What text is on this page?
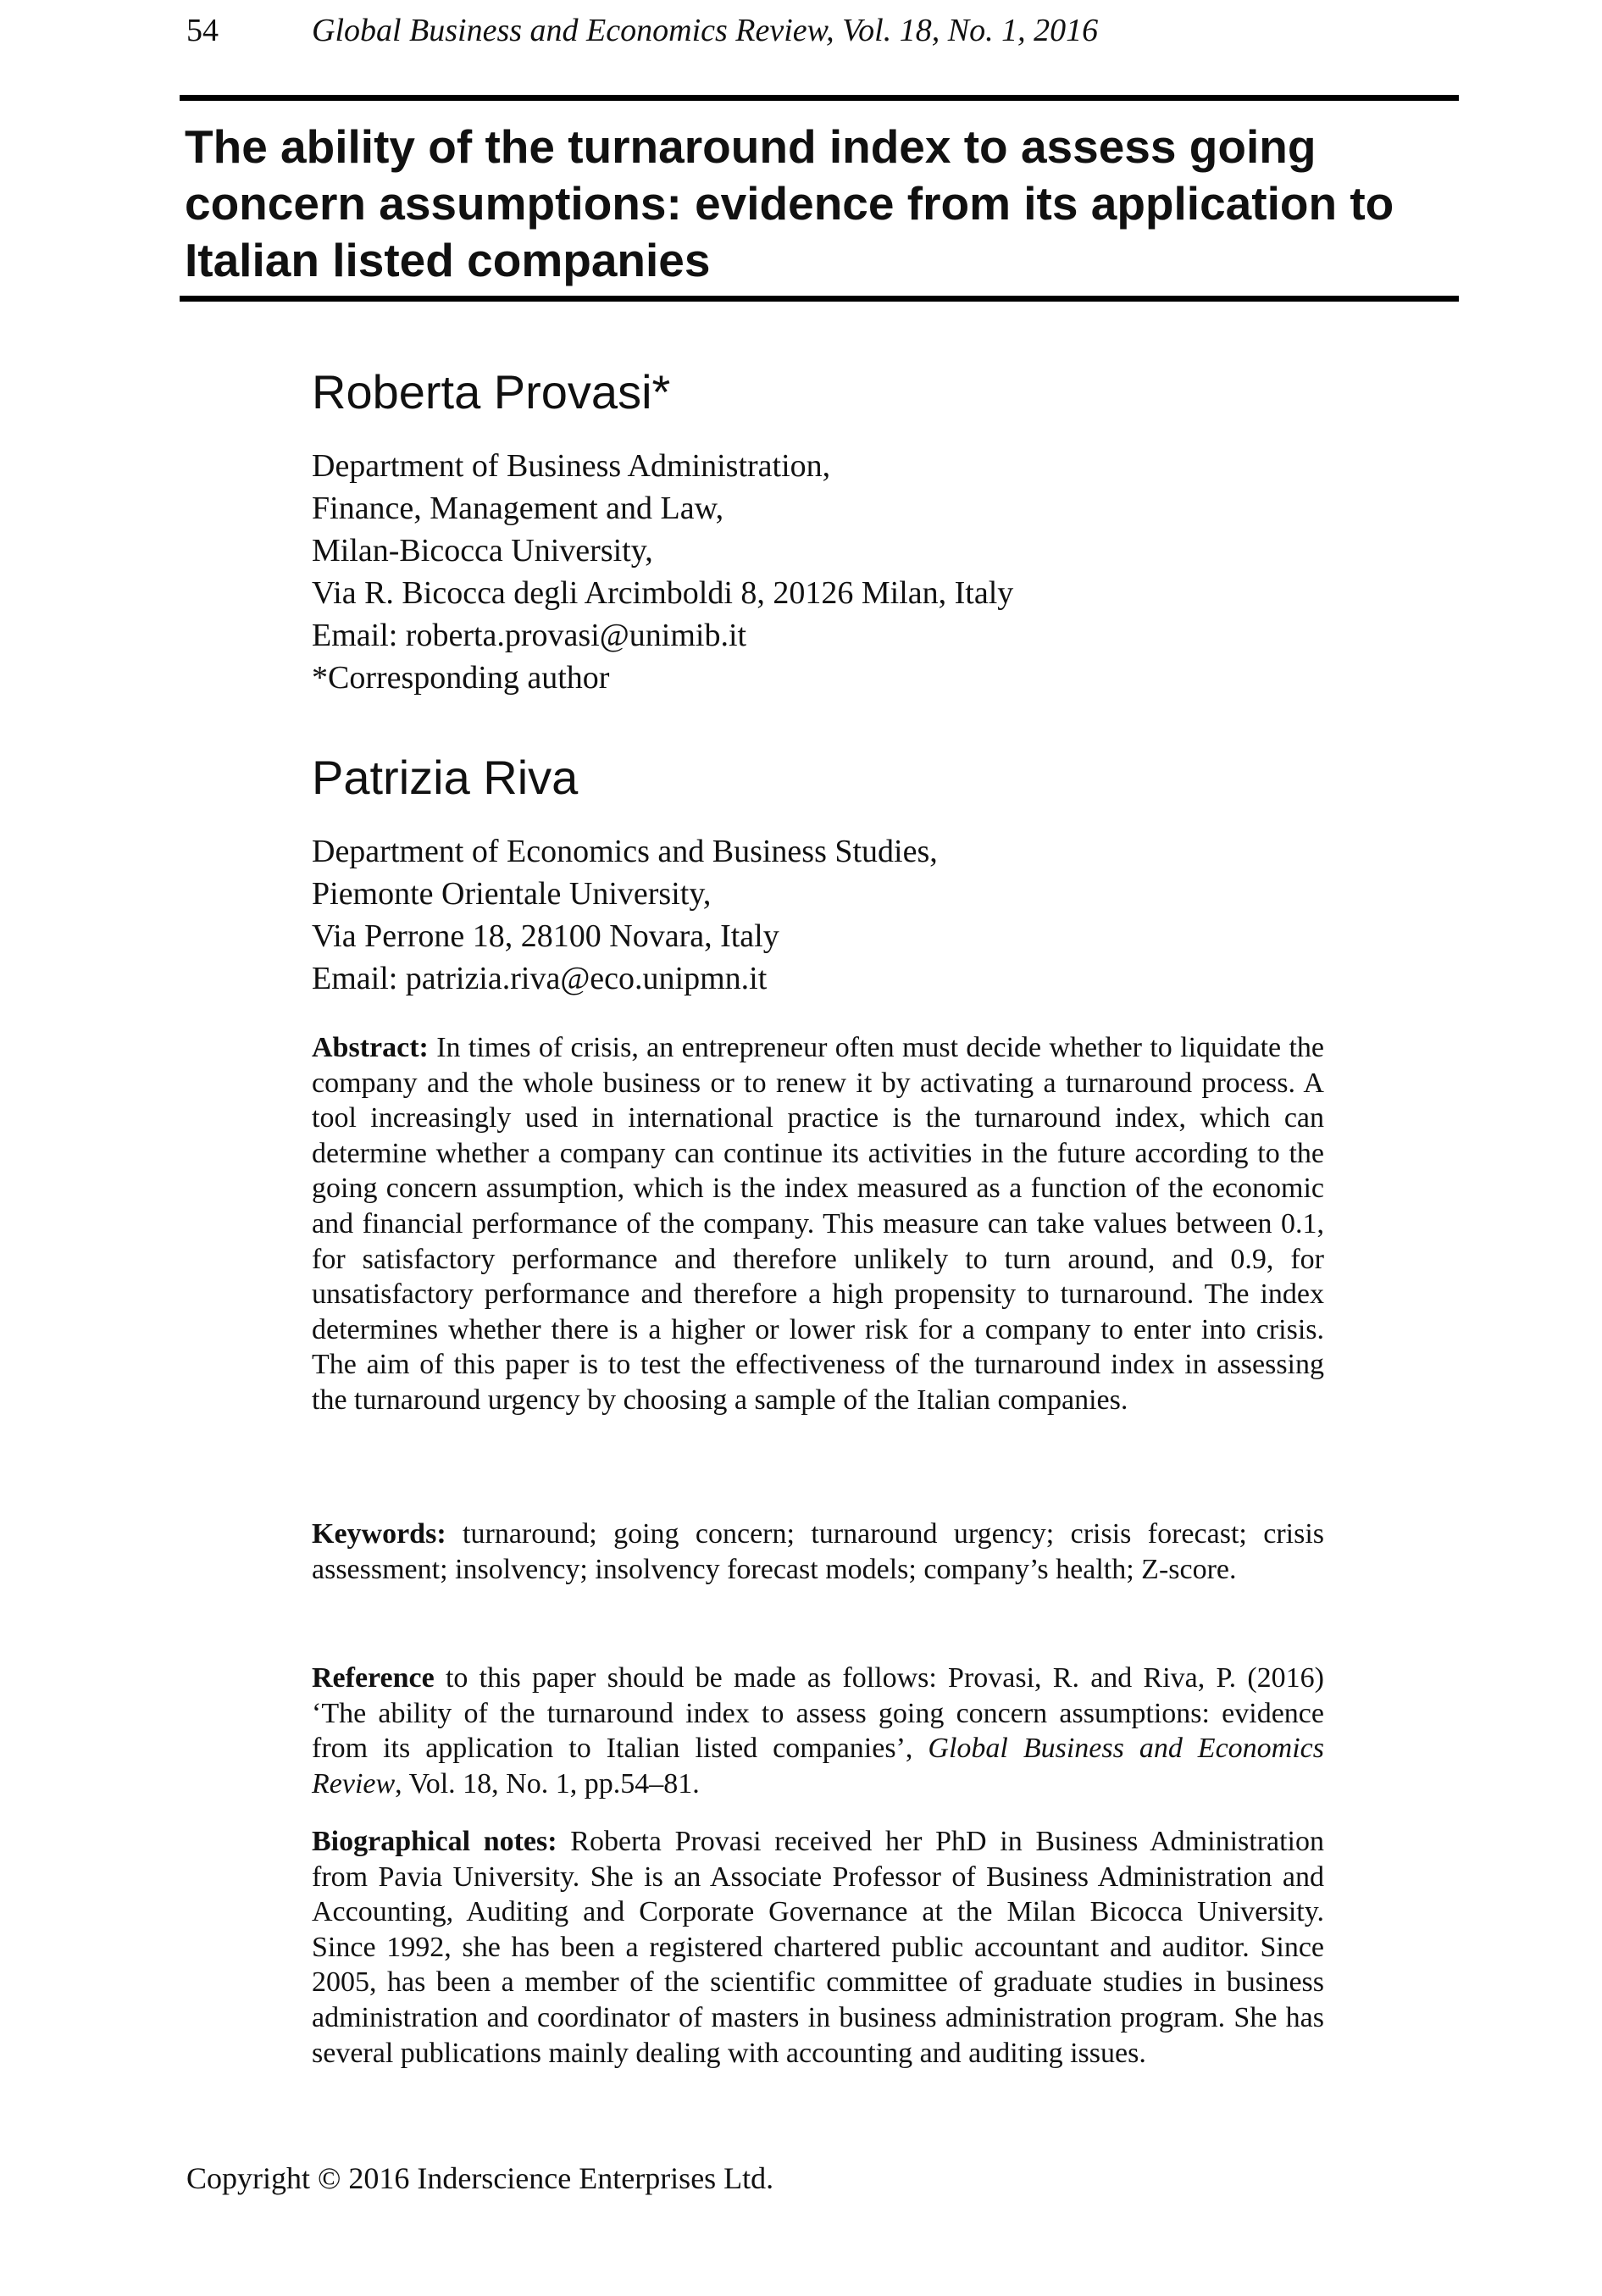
54	Global Business and Economics Review, Vol. 18, No. 1, 2016
The ability of the turnaround index to assess going concern assumptions: evidence from its application to Italian listed companies
Roberta Provasi*
Department of Business Administration,
Finance, Management and Law,
Milan-Bicocca University,
Via R. Bicocca degli Arcimboldi 8, 20126 Milan, Italy
Email: roberta.provasi@unimib.it
*Corresponding author
Patrizia Riva
Department of Economics and Business Studies,
Piemonte Orientale University,
Via Perrone 18, 28100 Novara, Italy
Email: patrizia.riva@eco.unipmn.it
Abstract: In times of crisis, an entrepreneur often must decide whether to liquidate the company and the whole business or to renew it by activating a turnaround process. A tool increasingly used in international practice is the turnaround index, which can determine whether a company can continue its activities in the future according to the going concern assumption, which is the index measured as a function of the economic and financial performance of the company. This measure can take values between 0.1, for satisfactory performance and therefore unlikely to turn around, and 0.9, for unsatisfactory performance and therefore a high propensity to turnaround. The index determines whether there is a higher or lower risk for a company to enter into crisis. The aim of this paper is to test the effectiveness of the turnaround index in assessing the turnaround urgency by choosing a sample of the Italian companies.
Keywords: turnaround; going concern; turnaround urgency; crisis forecast; crisis assessment; insolvency; insolvency forecast models; company’s health; Z-score.
Reference to this paper should be made as follows: Provasi, R. and Riva, P. (2016) ‘The ability of the turnaround index to assess going concern assumptions: evidence from its application to Italian listed companies’, Global Business and Economics Review, Vol. 18, No. 1, pp.54–81.
Biographical notes: Roberta Provasi received her PhD in Business Administration from Pavia University. She is an Associate Professor of Business Administration and Accounting, Auditing and Corporate Governance at the Milan Bicocca University. Since 1992, she has been a registered chartered public accountant and auditor. Since 2005, has been a member of the scientific committee of graduate studies in business administration and coordinator of masters in business administration program. She has several publications mainly dealing with accounting and auditing issues.
Copyright © 2016 Inderscience Enterprises Ltd.
